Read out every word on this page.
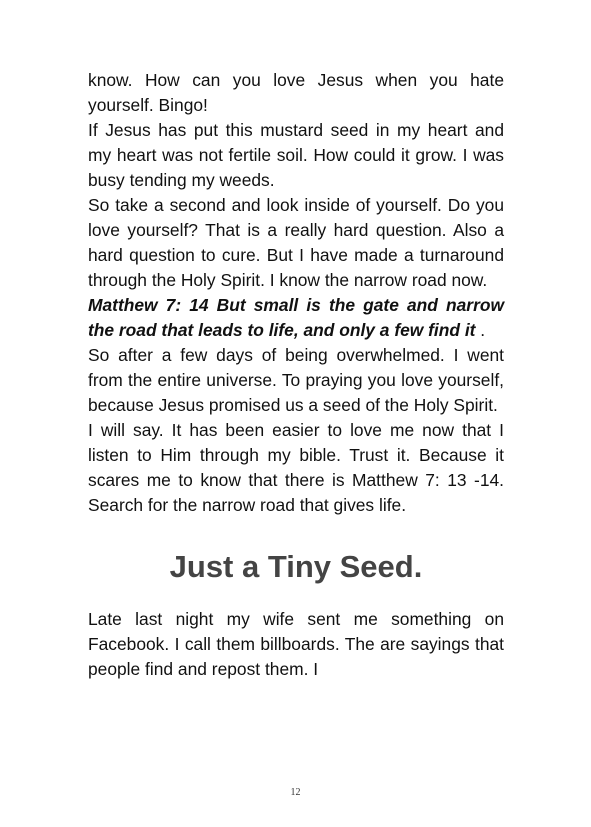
know. How can you love Jesus when you hate yourself. Bingo!

If Jesus has put this mustard seed in my heart and my heart was not fertile soil. How could it grow. I was busy tending my weeds.

So take a second and look inside of yourself. Do you love yourself? That is a really hard question. Also a hard question to cure. But I have made a turnaround through the Holy Spirit. I know the narrow road now.

Matthew 7: 14 But small is the gate and narrow the road that leads to life, and only a few find it .

So after a few days of being overwhelmed. I went from the entire universe. To praying you love yourself, because Jesus promised us a seed of the Holy Spirit.

I will say. It has been easier to love me now that I listen to Him through my bible. Trust it. Because it scares me to know that there is Matthew 7: 13 -14. Search for the narrow road that gives life.

Just a Tiny Seed.

Late last night my wife sent me something on Facebook. I call them billboards. The are sayings that people find and repost them. I

12
